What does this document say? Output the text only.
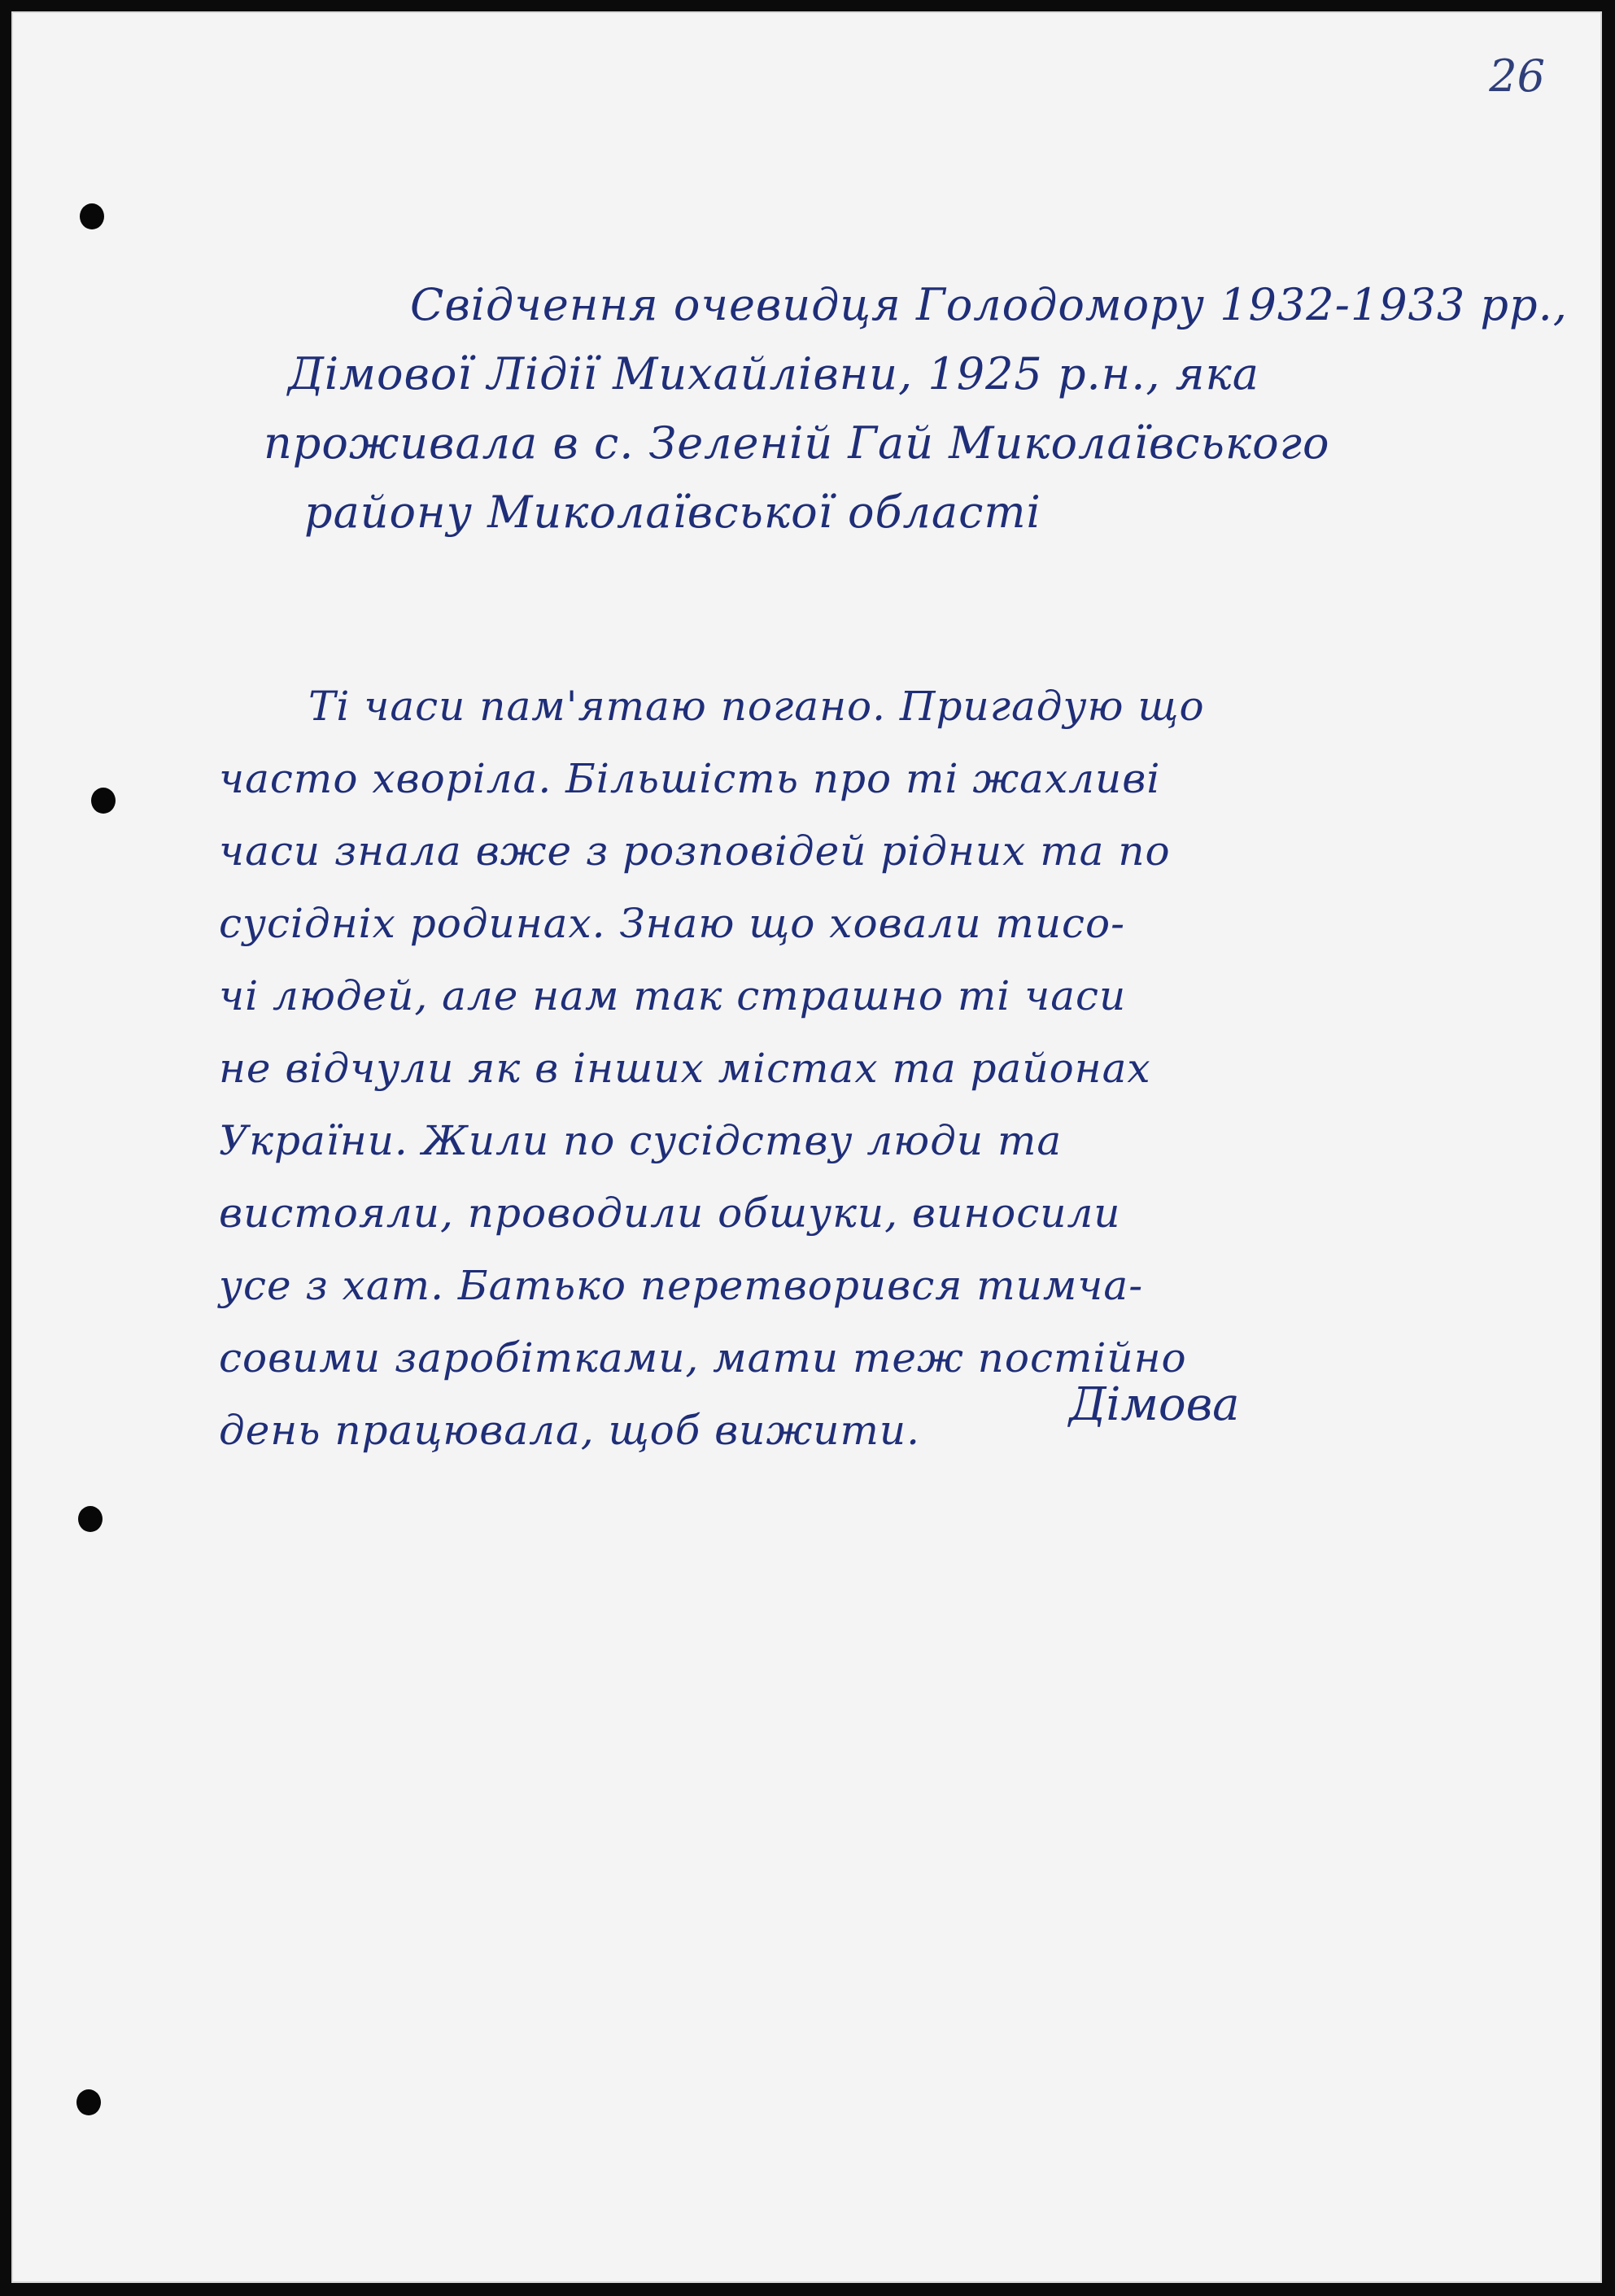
26
Свідчення очевидця Голодомору 1932-1933 рр.,
Дімової Лідії Михайлівни, 1925 р.н., яка
проживала в с. Зеленій Гай Миколаївського
району Миколаївської області
Ті часи пам'ятаю погано. Пригадую що
часто хворіла. Більшість про ті жахливі
часи знала вже з розповідей рідних та по
сусідніх родинах. Знаю що ховали тисо-
чі людей, але нам так страшно ті часи
не відчули як в інших містах та районах
України. Жили по сусідству люди та
вистояли, проводили обшуки, виносили
усе з хат. Батько перетворився тимча-
совими заробітками, мати теж постійно
день працювала, щоб вижити.	Дімова
